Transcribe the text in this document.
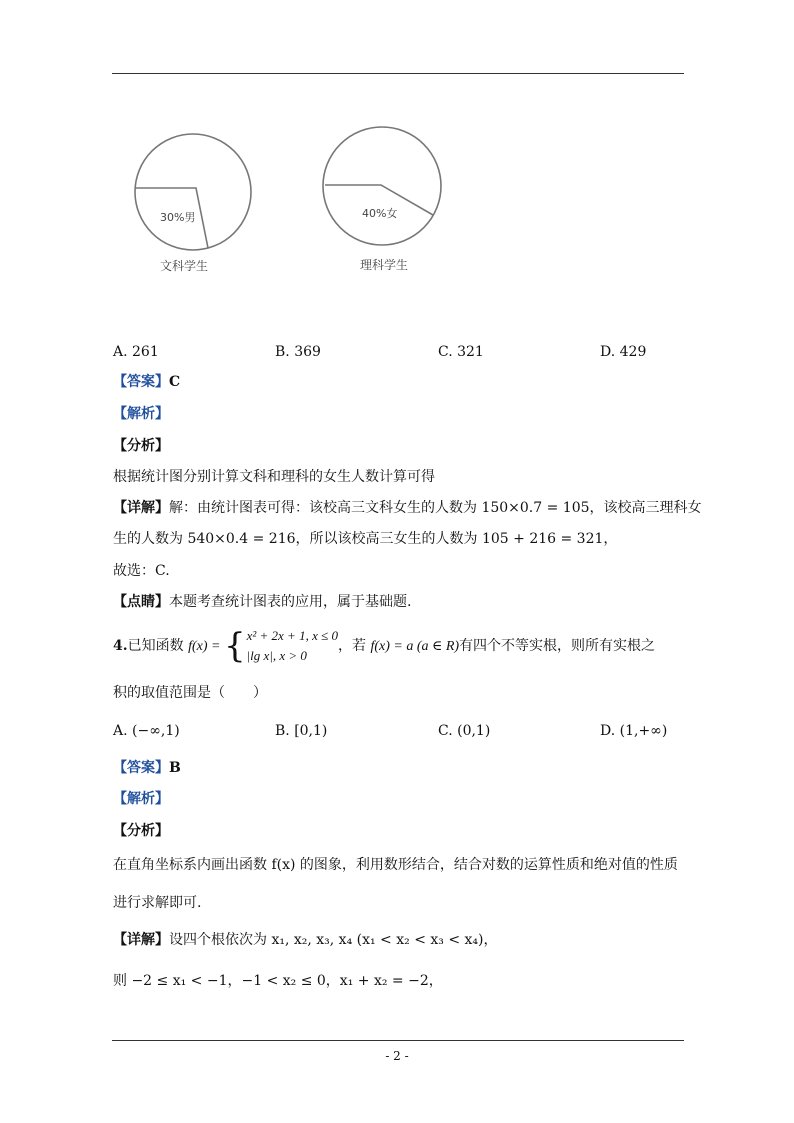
30%男
文科学生
40%女
理科学生
A. 261	B. 369	C. 321	D. 429
【答案】C
【解析】
【分析】
根据统计图分别计算文科和理科的女生人数计算可得
【详解】解：由统计图表可得：该校高三文科女生的人数为 150×0.7 = 105，该校高三理科女
生的人数为 540×0.4 = 216，所以该校高三女生的人数为 105 + 216 = 321，
故选：C.
【点睛】本题考查统计图表的应用，属于基础题.
4.已知函数 f(x) = { x² + 2x + 1, x ≤ 0
|lg x|, x > 0
，若 f(x) = a (a ∈ R)有四个不等实根，则所有实根之
积的取值范围是（　　）
A. (−∞,1)	B. [0,1)	C. (0,1)	D. (1,+∞)
【答案】B
【解析】
【分析】
在直角坐标系内画出函数 f(x) 的图象，利用数形结合，结合对数的运算性质和绝对值的性质
进行求解即可.
【详解】设四个根依次为 x₁, x₂, x₃, x₄ (x₁ < x₂ < x₃ < x₄)，
则 −2 ≤ x₁ < −1，−1 < x₂ ≤ 0，x₁ + x₂ = −2，
- 2 -
